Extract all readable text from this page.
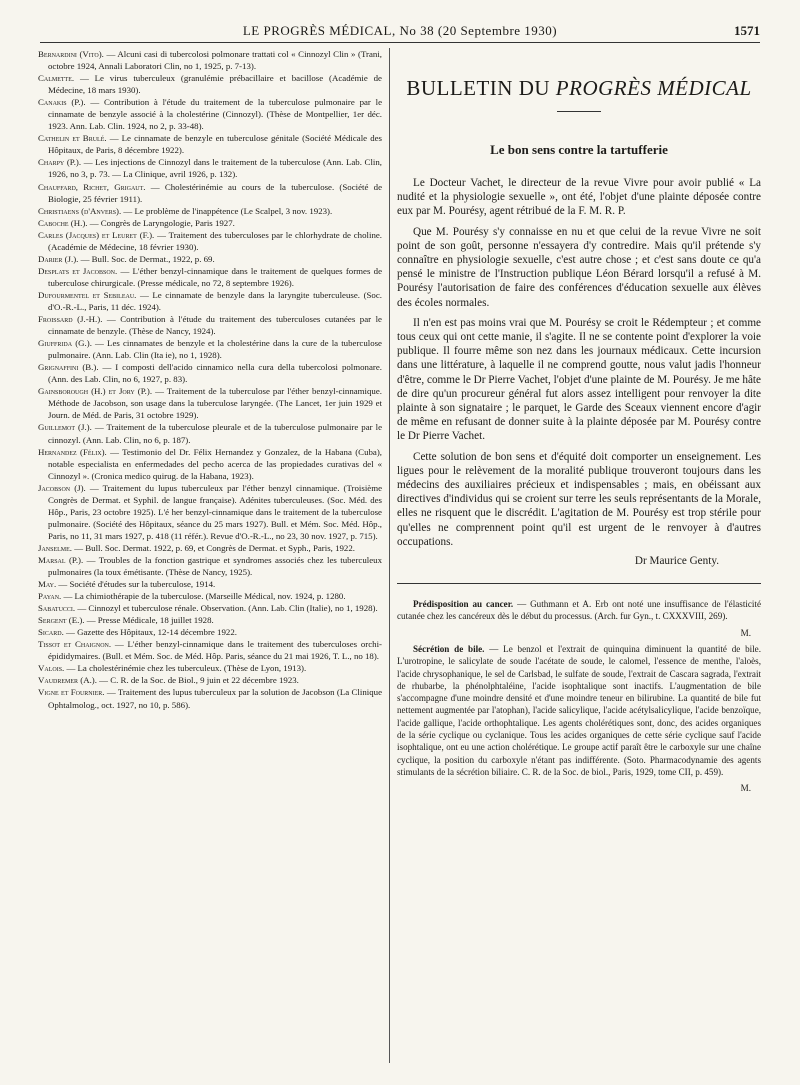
LE PROGRÈS MÉDICAL, No 38 (20 Septembre 1930)	1571

Bernardini (Vito). — Alcuni casi di tubercolosi polmonare trattati col « Cinnozyl Clin » (Trani, octobre 1924, Annali Laboratori Clin, no 1, 1925, p. 7-13).

Calmette. — Le virus tuberculeux (granulémie prébacillaire et bacillose (Académie de Médecine, 18 mars 1930).

Canakis (P.). — Contribution à l'étude du traitement de la tuberculose pulmonaire par le cinnamate de benzyle associé à la cholestérine (Cinnozyl). (Thèse de Montpellier, 1er déc. 1923. Ann. Lab. Clin. 1924, no 2, p. 33-48).

Cathelin et Brulé. — Le cinnamate de benzyle en tuberculose génitale (Société Médicale des Hôpitaux, de Paris, 8 décembre 1922).

Charpy (P.). — Les injections de Cinnozyl dans le traitement de la tuberculose (Ann. Lab. Clin, 1926, no 3, p. 73. — La Clinique, avril 1926, p. 132).

Chauffard, Richet, Grigaut. — Cholestérinémie au cours de la tuberculose. (Société de Biologie, 25 février 1911).

Christiaens (d'Anvers). — Le problème de l'inappétence (Le Scalpel, 3 nov. 1923).

Caboche (H.). — Congrès de Laryngologie, Paris 1927.

Carles (Jacques) et Leuret (F.). — Traitement des tuberculoses par le chlorhydrate de choline. (Académie de Médecine, 18 février 1930).

Darier (J.). — Bull. Soc. de Dermat., 1922, p. 69.

Desplats et Jacobson. — L'éther benzyl-cinnamique dans le traitement de quelques formes de tuberculose chirurgicale. (Presse médicale, no 72, 8 septembre 1926).

Dufourmentel et Sebileau. — Le cinnamate de benzyle dans la laryngite tuberculeuse. (Soc. d'O.-R.-L., Paris, 11 déc. 1924).

Froissard (J.-H.). — Contribution à l'étude du traitement des tuberculoses cutanées par le cinnamate de benzyle. (Thèse de Nancy, 1924).

Giuffrida (G.). — Les cinnamates de benzyle et la cholestérine dans la cure de la tuberculose pulmonaire. (Ann. Lab. Clin (Ita ie), no 1, 1928).

Grignaffini (B.). — I composti dell'acido cinnamico nella cura della tubercolosi polmonare. (Ann. des Lab. Clin, no 6, 1927, p. 83).

Gainsborough (H.) et Jory (P.). — Traitement de la tuberculose par l'éther benzyl-cinnamique. Méthode de Jacobson, son usage dans la tuberculose laryngée. (The Lancet, 1er juin 1929 et Journ. de Méd. de Paris, 31 octobre 1929).

Guillemot (J.). — Traitement de la tuberculose pleurale et de la tuberculose pulmonaire par le cinnozyl. (Ann. Lab. Clin, no 6, p. 187).

Hernandez (Félix). — Testimonio del Dr. Félix Hernandez y Gonzalez, de la Habana (Cuba), notable especialista en enfermedades del pecho acerca de las propiedades curativas del « Cinnozyl ». (Cronica medico quirug. de la Habana, 1923).

Jacobson (J). — Traitement du lupus tuberculeux par l'éther benzyl cinnamique. (Troisième Congrès de Dermat. et Syphil. de langue française). Adénites tuberculeuses. (Soc. Méd. des Hôp., Paris, 23 octobre 1925). L'é her benzyl-cinnamique dans le traitement de la tuberculose pulmonaire. (Société des Hôpitaux, séance du 25 mars 1927). Bull. et Mém. Soc. Méd. Hôp., Paris, no 11, 31 mars 1927, p. 418 (11 référ.). Revue d'O.-R.-L., no 23, 30 nov. 1927, p. 715).

Janselme. — Bull. Soc. Dermat. 1922, p. 69, et Congrès de Dermat. et Syph., Paris, 1922.

Marsal (P.). — Troubles de la fonction gastrique et syndromes associés chez les tuberculeux pulmonaires (la toux émétisante. (Thèse de Nancy, 1925).

May. — Société d'études sur la tuberculose, 1914.

Payan. — La chimiothérapie de la tuberculose. (Marseille Médical, nov. 1924, p. 1280.

Sabatucci. — Cinnozyl et tuberculose rénale. Observation. (Ann. Lab. Clin (Italie), no 1, 1928).

Sergent (E.). — Presse Médicale, 18 juillet 1928.

Sicard. — Gazette des Hôpitaux, 12-14 décembre 1922.

Tissot et Chaignon. — L'éther benzyl-cinnamique dans le traitement des tuberculoses orchi-épididymaires. (Bull. et Mém. Soc. de Méd. Hôp. Paris, séance du 21 mai 1926, T. L., no 18).

Valois. — La cholestérinémie chez les tuberculeux. (Thèse de Lyon, 1913).

Vaudremer (A.). — C. R. de la Soc. de Biol., 9 juin et 22 décembre 1923.

Vigne et Fournier. — Traitement des lupus tuberculeux par la solution de Jacobson (La Clinique Ophtalmolog., oct. 1927, no 10, p. 586).

BULLETIN DU PROGRÈS MÉDICAL
Le bon sens contre la tartufferie

Le Docteur Vachet, le directeur de la revue Vivre pour avoir publié « La nudité et la physiologie sexuelle », ont été, l'objet d'une plainte déposée contre eux par M. Pourésy, agent rétribué de la F. M. R. P.

Que M. Pourésy s'y connaisse en nu et que celui de la revue Vivre ne soit point de son goût, personne n'essayera d'y contredire. Mais qu'il prétende s'y connaître en physiologie sexuelle, c'est autre chose ; et c'est sans doute ce qu'a pensé le ministre de l'Instruction publique Léon Bérard lorsqu'il a refusé à M. Pourésy l'autorisation de faire des conférences d'éducation sexuelle aux élèves des écoles normales.

Il n'en est pas moins vrai que M. Pourésy se croit le Rédempteur ; et comme tous ceux qui ont cette manie, il s'agite. Il ne se contente point d'explorer la voie publique. Il fourre même son nez dans les journaux médicaux. Cette incursion dans une littérature, à laquelle il ne comprend goutte, nous valut jadis l'honneur d'être, comme le Dr Pierre Vachet, l'objet d'une plainte de M. Pourésy. Je me hâte de dire qu'un procureur général fut alors assez intelligent pour renvoyer la dite plainte à son signataire ; le parquet, le Garde des Sceaux viennent encore d'agir de même en refusant de donner suite à la plainte déposée par M. Pourésy contre le Dr Pierre Vachet.

Cette solution de bon sens et d'équité doit comporter un enseignement. Les ligues pour le relèvement de la moralité publique trouveront toujours dans les médecins des auxiliaires précieux et indispensables ; mais, en obéissant aux directives d'individus qui se croient sur terre les seuls représentants de la Morale, elles ne risquent que le discrédit. L'agitation de M. Pourésy est trop stérile pour qu'elles ne comprennent point qu'il est urgent de le renvoyer à d'autres occupations.

Dr Maurice Genty.

Prédisposition au cancer. — Guthmann et A. Erb ont noté une insuffisance de l'élasticité cutanée chez les cancéreux dès le début du processus. (Arch. fur Gyn., t. CXXXVIII, 269).

M.

Sécrétion de bile. — Le benzol et l'extrait de quinquina diminuent la quantité de bile. L'urotropine, le salicylate de soude l'acétate de soude, le calomel, l'essence de menthe, l'aloès, l'acide chrysophanique, le sel de Carlsbad, le sulfate de soude, l'extrait de Cascara sagrada, l'extrait de rhubarbe, la phénolphtaléine, l'acide isophtalique sont inactifs. L'augmentation de bile s'accompagne d'une moindre densité et d'une moindre teneur en bilirubine. La quantité de bile fut nettement augmentée par l'atophan), l'acide salicylique, l'acide acétylsalicylique, l'acide benzoïque, l'acide gallique, l'acide orthophtalique. Les agents cholérétiques sont, donc, des acides organiques de la série cyclique ou cyclanique. Tous les acides organiques de cette série cyclique sauf l'acide isophtalique, ont eu une action cholérétique. Le groupe actif paraît être le carboxyle sur une chaîne cyclique, la position du carboxyle n'étant pas indifférente. (Soto. Pharmacodynamie des agents stimulants de la sécrétion biliaire. C. R. de la Soc. de biol., Paris, 1929, tome CII, p. 459).

M.
